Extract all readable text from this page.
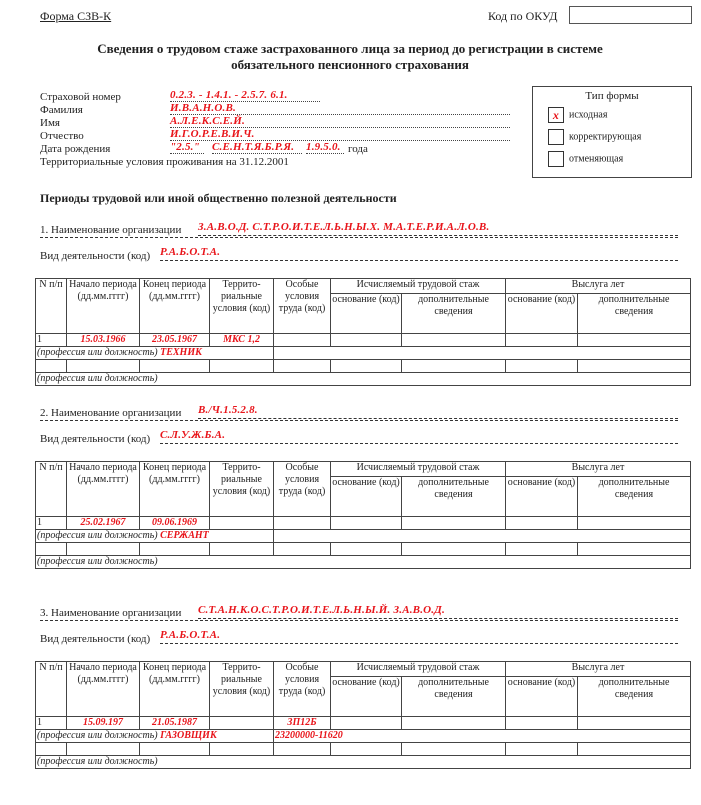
Форма СЗВ-К	Код по ОКУД
Сведения о трудовом стаже застрахованного лица за период до регистрации в системе
обязательного пенсионного страхования
Страховой номер	0.2.3. - 1.4.1. - 2.5.7. 6.1.
Фамилия	И.В.А.Н.О.В.
Имя	А.Л.Е.К.С.Е.Й.
Отчество	И.Г.О.Р.Е.В.И.Ч.
Дата рождения	"2.5."	С.Е.Н.Т.Я.Б.Р.Я.	1.9.5.0. года
Территориальные условия проживания на 31.12.2001
Тип формы
x исходная
корректирующая
отменяющая
Периоды трудовой или иной общественно полезной деятельности
1. Наименование организации З.А.В.О.Д. С.Т.Р.О.И.Т.Е.Л.Ь.Н.Ы.Х. М.А.Т.Е.Р.И.А.Л.О.В.
Вид деятельности (код) Р.А.Б.О.Т.А.
N п/п	Начало периода (дд.мм.гггг)	Конец периода (дд.мм.гггг)	Террито-риальные условия (код)	Особые условия труда (код)	Исчисляемый трудовой стаж		Выслуга лет	
					основание (код)	дополнительные сведения	основание (код)	дополнительные сведения
1	15.03.1966	23.05.1967	МКС 1,2					
(профессия или должность) ТЕХНИК								

(профессия или должность)								
2. Наименование организации В./Ч.1.5.2.8.
Вид деятельности (код) С.Л.У.Ж.Б.А.
N п/п	Начало периода (дд.мм.гггг)	Конец периода (дд.мм.гггг)	Террито-риальные условия (код)	Особые условия труда (код)	Исчисляемый трудовой стаж		Выслуга лет	
					основание (код)	дополнительные сведения	основание (код)	дополнительные сведения
1	25.02.1967	09.06.1969						
(профессия или должность) СЕРЖАНТ								

(профессия или должность)								
3. Наименование организации С.Т.А.Н.К.О.С.Т.Р.О.И.Т.Е.Л.Ь.Н.Ы.Й. З.А.В.О.Д.
Вид деятельности (код) Р.А.Б.О.Т.А.
N п/п	Начало периода (дд.мм.гггг)	Конец периода (дд.мм.гггг)	Террито-риальные условия (код)	Особые условия труда (код)	Исчисляемый трудовой стаж		Выслуга лет	
					основание (код)	дополнительные сведения	основание (код)	дополнительные сведения
1	15.09.197	21.05.1987		ЗП12Б				
(профессия или должность) ГАЗОВЩИК				23200000-11620				

(профессия или должность)								
